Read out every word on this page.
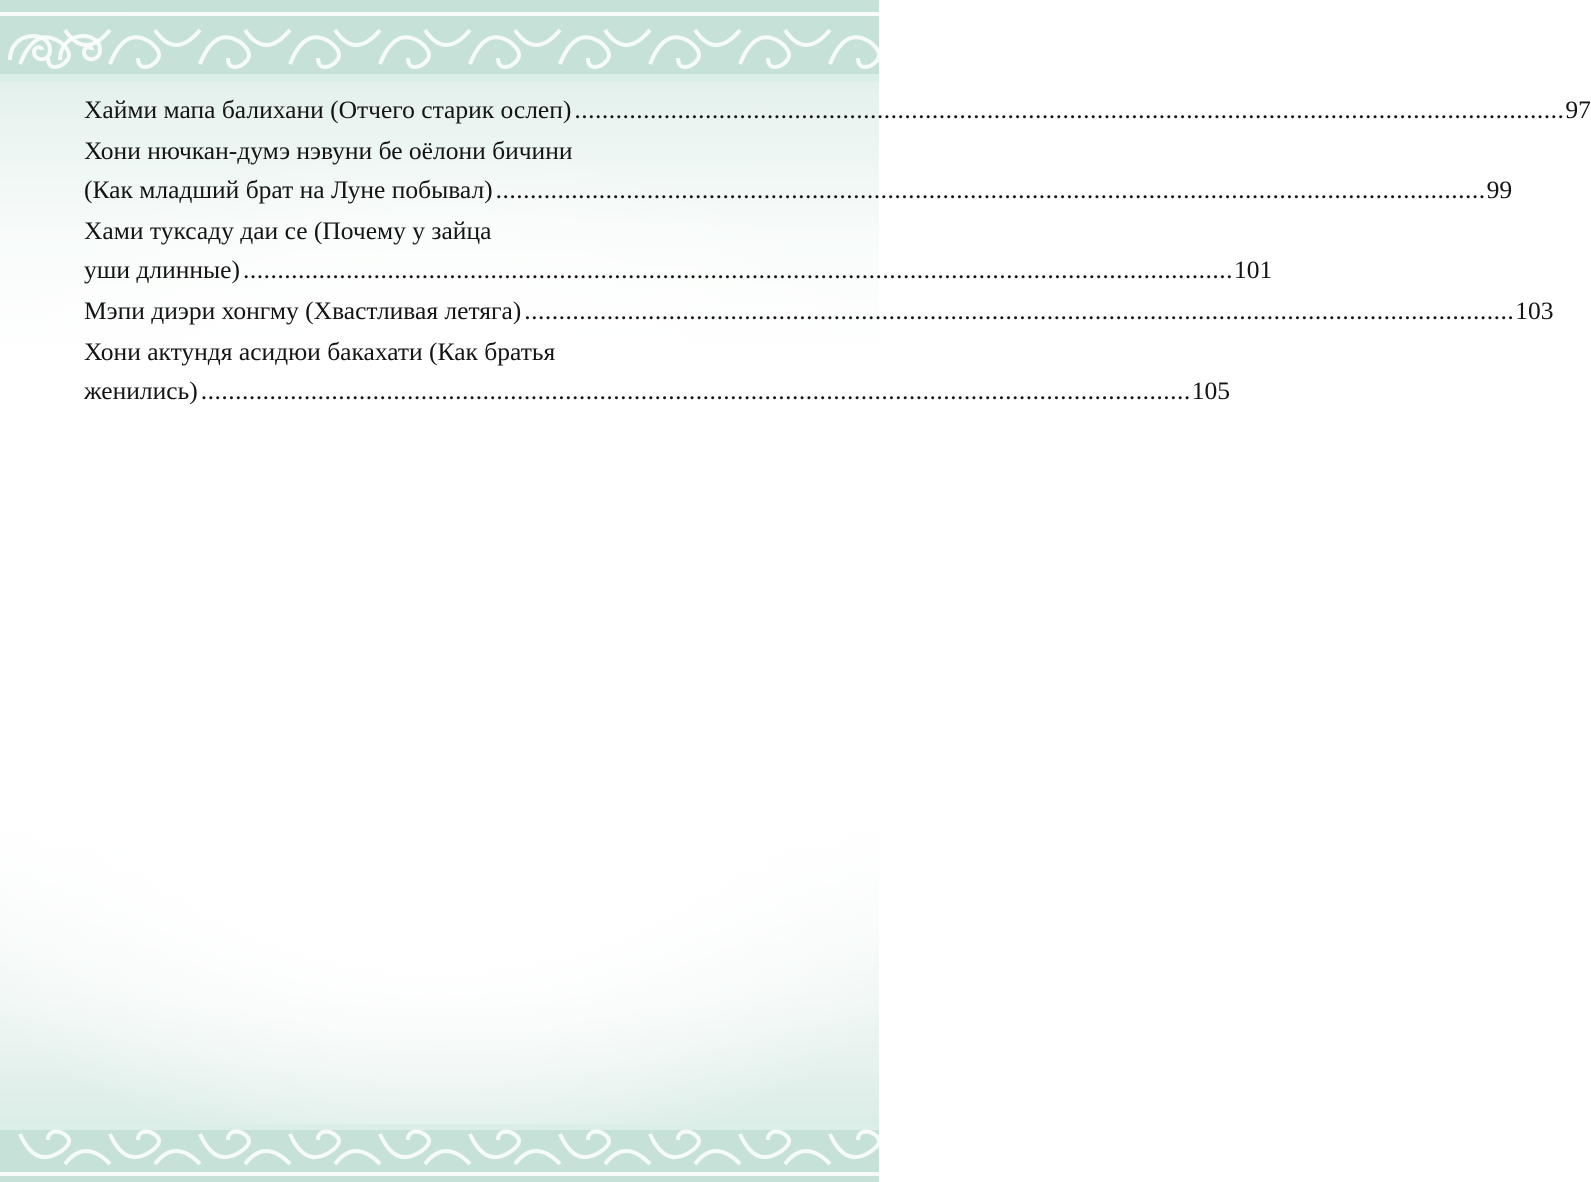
Хайми мапа балихани (Отчего старик ослеп) ................................................................................................................................................ 97
Хони нючкан-думэ нэвуни бе оёлони бичини
(Как младший брат на Луне побывал) ................................................................................................................................................ 99
Хами туксаду даи се (Почему у зайца
уши длинные) ................................................................................................................................................ 101
Мэпи диэри хонгму (Хвастливая летяга) ................................................................................................................................................ 103
Хони актундя асидюи бакахати (Как братья
женились) ................................................................................................................................................ 105
